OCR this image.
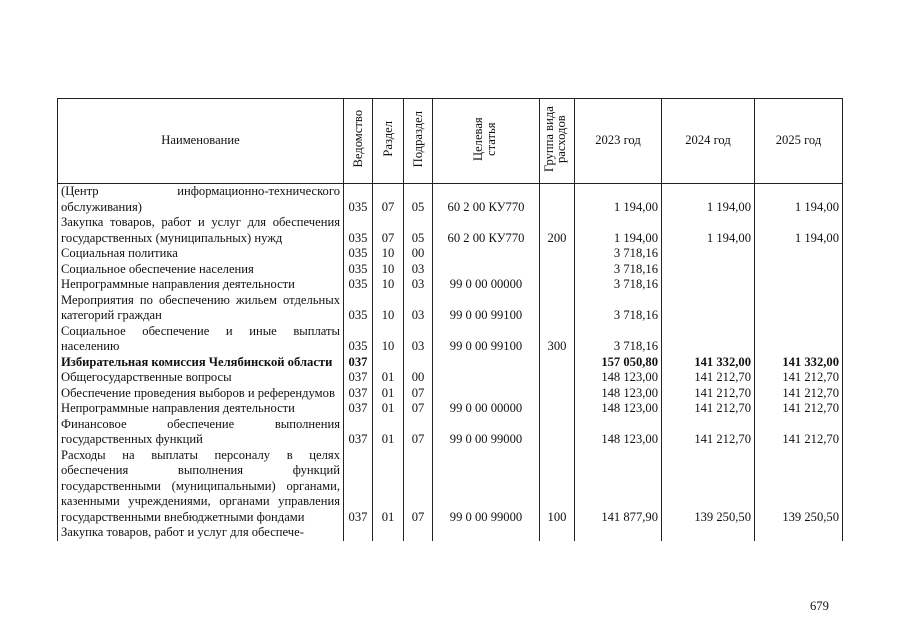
Наименование	Ведомство	Раздел	Подраздел	Целевая статья	Группа вида расходов	2023 год	2024 год	2025 год
(Центр информационно-технического обслуживания)	035	07	05	60 2 00 КУ770		1 194,00	1 194,00	1 194,00
Закупка товаров, работ и услуг для обеспечения государственных (муниципальных) нужд	035	07	05	60 2 00 КУ770	200	1 194,00	1 194,00	1 194,00
Социальная политика	035	10	00			3 718,16		
Социальное обеспечение населения	035	10	03			3 718,16		
Непрограммные направления деятельности	035	10	03	99 0 00 00000		3 718,16		
Мероприятия по обеспечению жильем отдельных категорий граждан	035	10	03	99 0 00 99100		3 718,16		
Социальное обеспечение и иные выплаты населению	035	10	03	99 0 00 99100	300	3 718,16		
Избирательная комиссия Челябинской области	037					157 050,80	141 332,00	141 332,00
Общегосударственные вопросы	037	01	00			148 123,00	141 212,70	141 212,70
Обеспечение проведения выборов и референдумов	037	01	07			148 123,00	141 212,70	141 212,70
Непрограммные направления деятельности	037	01	07	99 0 00 00000		148 123,00	141 212,70	141 212,70
Финансовое обеспечение выполнения государственных функций	037	01	07	99 0 00 99000		148 123,00	141 212,70	141 212,70
Расходы на выплаты персоналу в целях обеспечения выполнения функций государственными (муниципальными) органами, казенными учреждениями, органами управления государственными внебюджетными фондами	037	01	07	99 0 00 99000	100	141 877,90	139 250,50	139 250,50
Закупка товаров, работ и услуг для обеспече-								
679
